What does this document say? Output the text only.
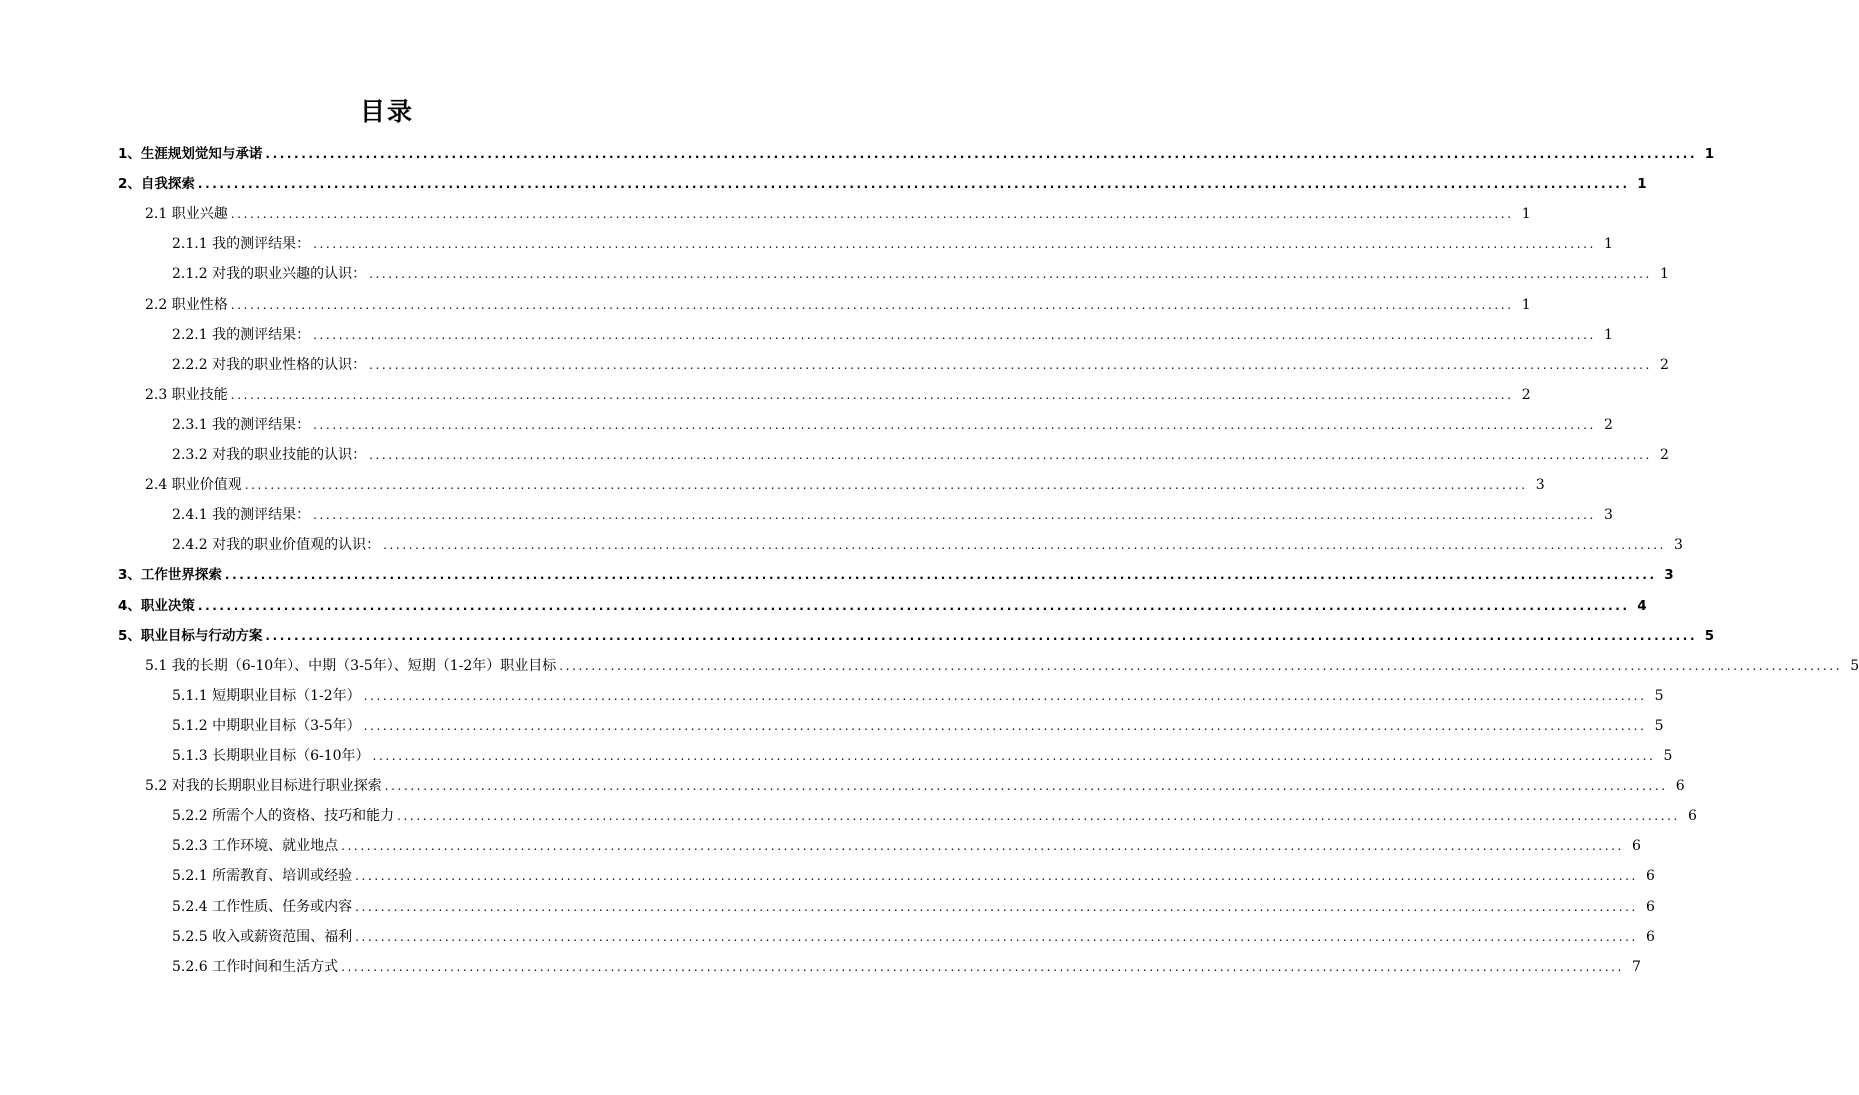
目录
1、生涯规划觉知与承诺 ........................................................................................................................................................................................................ 1
2、自我探索 ........................................................................................................................................................................................................ 1
2.1 职业兴趣 ........................................................................................................................................................................................................ 1
2.1.1 我的测评结果： ........................................................................................................................................................................................................ 1
2.1.2 对我的职业兴趣的认识： ........................................................................................................................................................................................................ 1
2.2 职业性格 ........................................................................................................................................................................................................ 1
2.2.1 我的测评结果： ........................................................................................................................................................................................................ 1
2.2.2 对我的职业性格的认识： ........................................................................................................................................................................................................ 2
2.3 职业技能 ........................................................................................................................................................................................................ 2
2.3.1 我的测评结果： ........................................................................................................................................................................................................ 2
2.3.2 对我的职业技能的认识： ........................................................................................................................................................................................................ 2
2.4 职业价值观 ........................................................................................................................................................................................................ 3
2.4.1 我的测评结果： ........................................................................................................................................................................................................ 3
2.4.2 对我的职业价值观的认识： ........................................................................................................................................................................................................ 3
3、工作世界探索 ........................................................................................................................................................................................................ 3
4、职业决策 ........................................................................................................................................................................................................ 4
5、职业目标与行动方案 ........................................................................................................................................................................................................ 5
5.1 我的长期（6-10年）、中期（3-5年）、短期（1-2年）职业目标 ........................................................................................................................................................................................................ 5
5.1.1 短期职业目标（1-2年） ........................................................................................................................................................................................................ 5
5.1.2 中期职业目标（3-5年） ........................................................................................................................................................................................................ 5
5.1.3 长期职业目标（6-10年） ........................................................................................................................................................................................................ 5
5.2 对我的长期职业目标进行职业探索 ........................................................................................................................................................................................................ 6
5.2.2 所需个人的资格、技巧和能力 ........................................................................................................................................................................................................ 6
5.2.3 工作环境、就业地点 ........................................................................................................................................................................................................ 6
5.2.1 所需教育、培训或经验 ........................................................................................................................................................................................................ 6
5.2.4 工作性质、任务或内容 ........................................................................................................................................................................................................ 6
5.2.5 收入或薪资范围、福利 ........................................................................................................................................................................................................ 6
5.2.6 工作时间和生活方式 ........................................................................................................................................................................................................ 7
